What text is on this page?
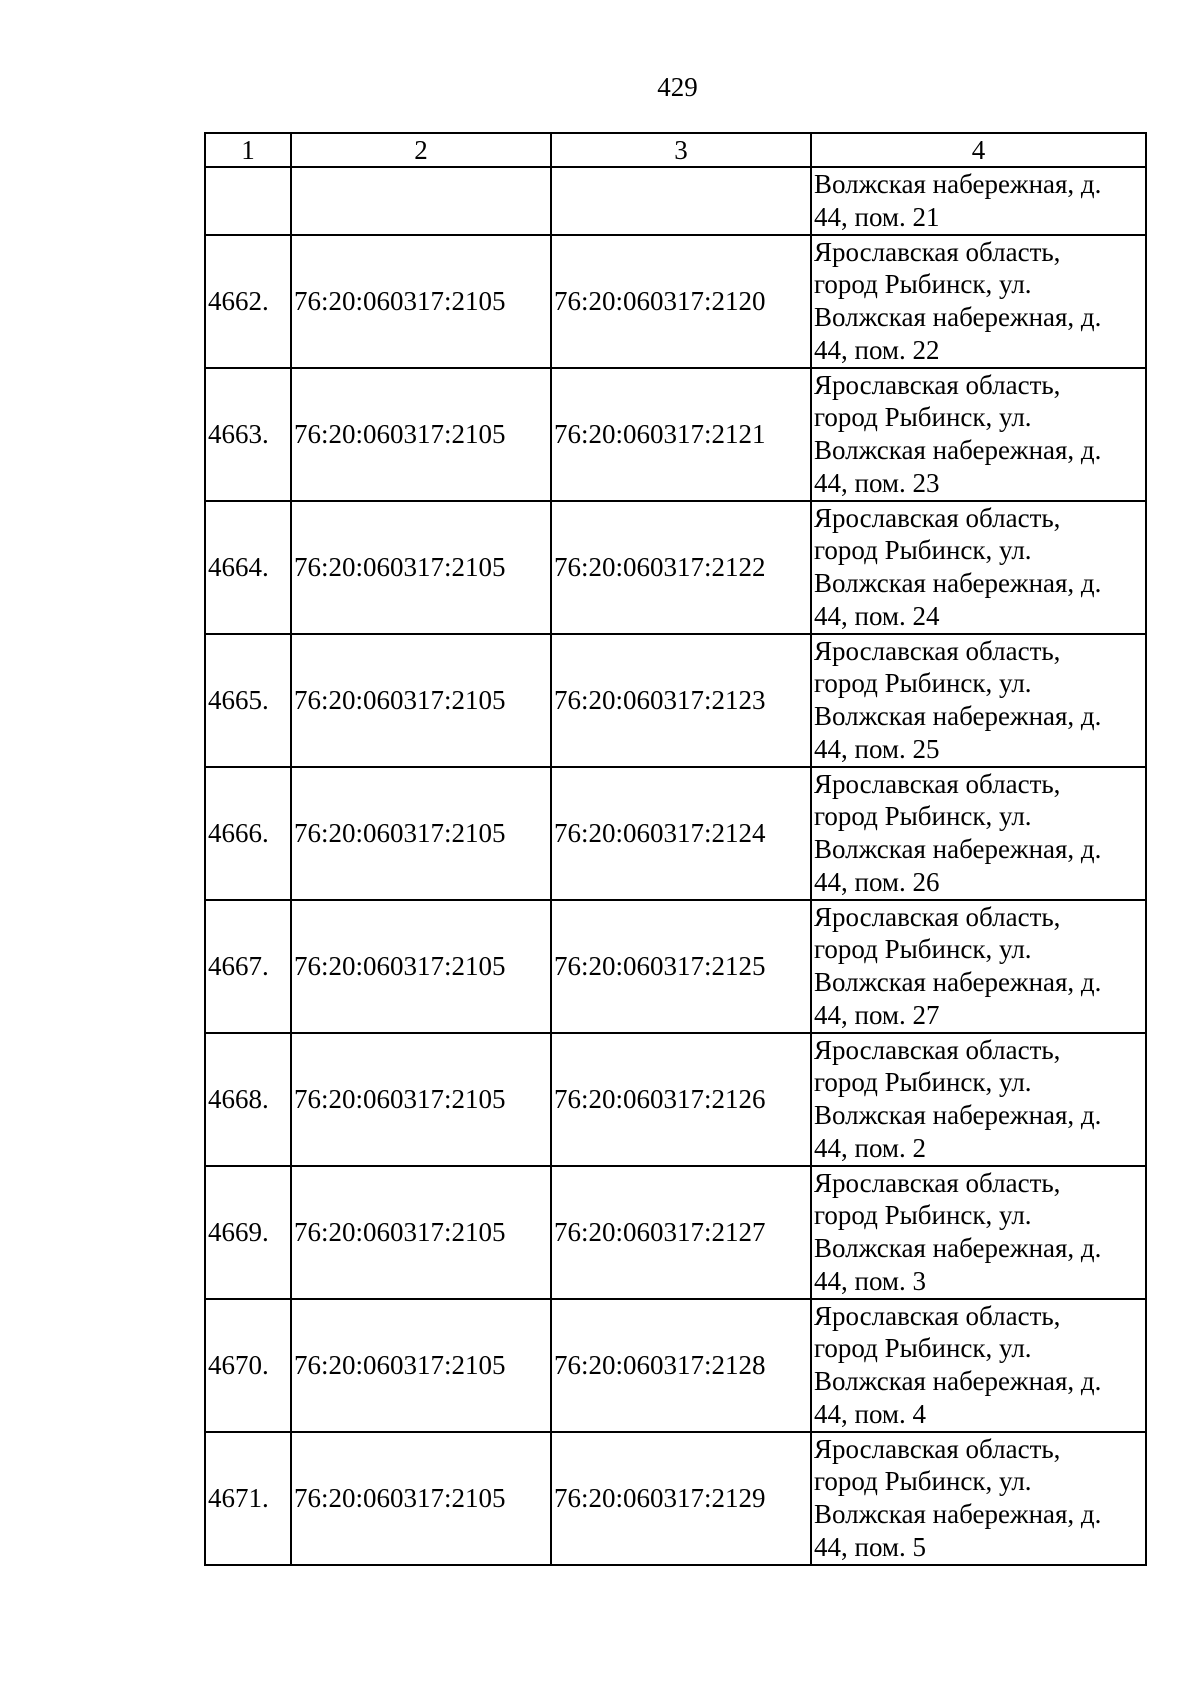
429
1	2	3	4
			Волжская набережная, д.
44, пом. 21
4662.	76:20:060317:2105	76:20:060317:2120	Ярославская область,
город Рыбинск, ул.
Волжская набережная, д.
44, пом. 22
4663.	76:20:060317:2105	76:20:060317:2121	Ярославская область,
город Рыбинск, ул.
Волжская набережная, д.
44, пом. 23
4664.	76:20:060317:2105	76:20:060317:2122	Ярославская область,
город Рыбинск, ул.
Волжская набережная, д.
44, пом. 24
4665.	76:20:060317:2105	76:20:060317:2123	Ярославская область,
город Рыбинск, ул.
Волжская набережная, д.
44, пом. 25
4666.	76:20:060317:2105	76:20:060317:2124	Ярославская область,
город Рыбинск, ул.
Волжская набережная, д.
44, пом. 26
4667.	76:20:060317:2105	76:20:060317:2125	Ярославская область,
город Рыбинск, ул.
Волжская набережная, д.
44, пом. 27
4668.	76:20:060317:2105	76:20:060317:2126	Ярославская область,
город Рыбинск, ул.
Волжская набережная, д.
44, пом. 2
4669.	76:20:060317:2105	76:20:060317:2127	Ярославская область,
город Рыбинск, ул.
Волжская набережная, д.
44, пом. 3
4670.	76:20:060317:2105	76:20:060317:2128	Ярославская область,
город Рыбинск, ул.
Волжская набережная, д.
44, пом. 4
4671.	76:20:060317:2105	76:20:060317:2129	Ярославская область,
город Рыбинск, ул.
Волжская набережная, д.
44, пом. 5
